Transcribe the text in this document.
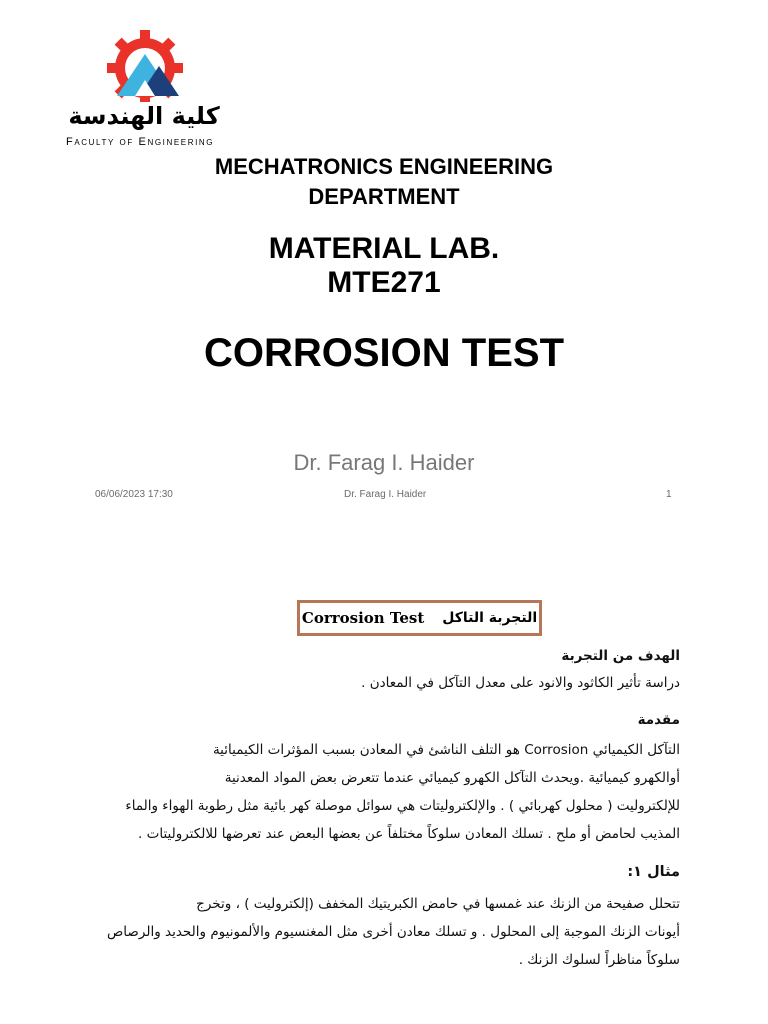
كلية الهندسة
Faculty of Engineering
MECHATRONICS ENGINEERING
DEPARTMENT
MATERIAL LAB.
MTE271
CORROSION TEST
Dr. Farag I. Haider
06/06/2023 17:30	Dr. Farag I. Haider	1
Corrosion Test التجربة التاكل
الهدف من التجربة
دراسة تأثير الكاثود والانود على معدل التآكل في المعادن .
مقدمة
التآكل الكيميائي Corrosion هو التلف الناشئ في المعادن بسبب المؤثرات الكيميائية
أوالكهرو كيميائية .ويحدث التآكل الكهرو كيميائي عندما تتعرض بعض المواد المعدنية
للإلكتروليت ( محلول كهربائي ) . والإلكتروليتات هي سوائل موصلة كهر بائية مثل رطوبة الهواء والماء
المذيب لحامض أو ملح . تسلك المعادن سلوكاً مختلفاً عن بعضها البعض عند تعرضها للالكتروليتات .
مثال ١:
تتحلل صفيحة من الزنك عند غمسها في حامض الكبريتيك المخفف (إلكتروليت ) ، وتخرج
أيونات الزنك الموجبة إلى المحلول . و تسلك معادن أخرى مثل المغنسيوم والألمونيوم والحديد والرصاص
سلوكاً مناظراً لسلوك الزنك .
